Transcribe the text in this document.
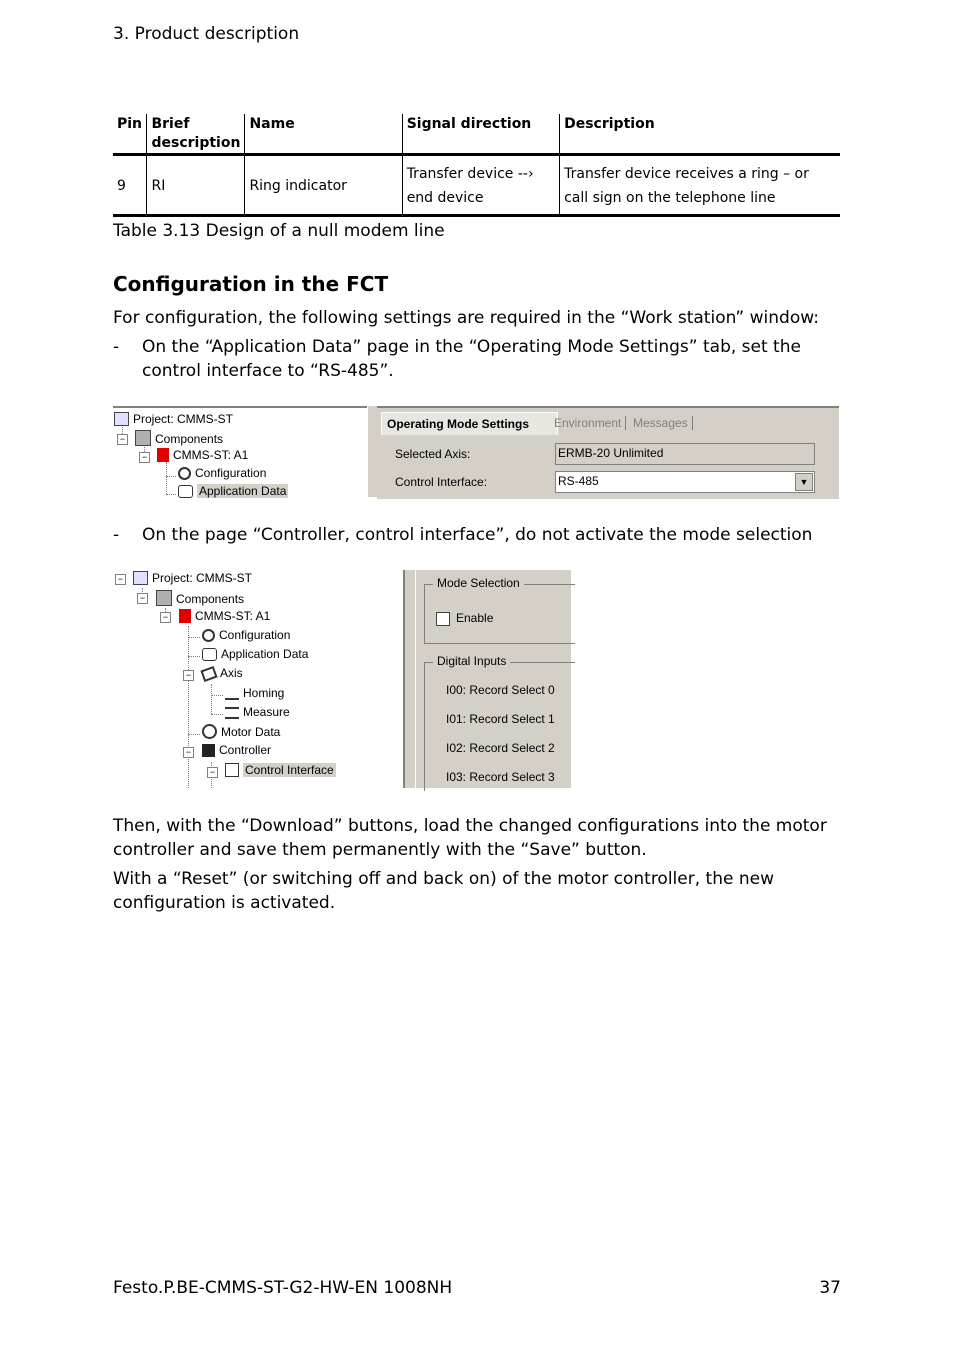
3. Product description
Pin	Brief description	Name	Signal direction	Description
9	RI	Ring indicator	Transfer device --› end device	Transfer device receives a ring – or call sign on the telephone line
Table 3.13 Design of a null modem line
Configuration in the FCT
For configuration, the following settings are required in the “Work station” window:
- On the “Application Data” page in the “Operating Mode Settings” tab, set the control interface to “RS-485”.
Project: CMMS-ST
−	Components
−	CMMS-ST: A1
Configuration
Application Data
Operating Mode Settings	Environment Messages
Selected Axis:	ERMB-20 Unlimited
Control Interface:	RS-485	▼
- On the page “Controller, control interface”, do not activate the mode selection
−	Project: CMMS-ST
−	Components
−	CMMS-ST: A1
Configuration
Application Data
−	Axis
Homing
Measure
Motor Data
−	Controller
−	Control Interface
Mode Selection
Enable
Digital Inputs
I00: Record Select 0
I01: Record Select 1
I02: Record Select 2
I03: Record Select 3
Then, with the “Download” buttons, load the changed configurations into the motor controller and save them permanently with the “Save” button.
With a “Reset” (or switching off and back on) of the motor controller, the new configuration is activated.
Festo.P.BE-CMMS-ST-G2-HW-EN 1008NH	37
